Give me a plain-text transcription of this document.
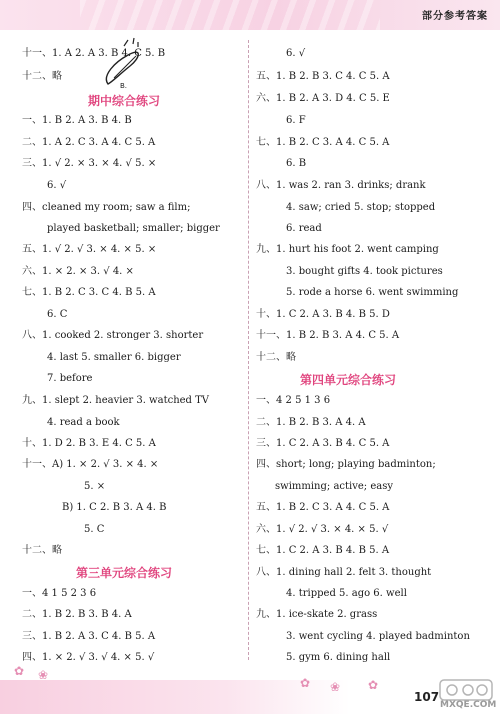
部分参考答案
B.
十一、1. A 2. A 3. B 4. C 5. B
十二、略
期中综合练习
一、1. B 2. A 3. B 4. B
二、1. A 2. C 3. A 4. C 5. A
三、1. √ 2. × 3. × 4. √ 5. ×
6. √
四、cleaned my room; saw a film;
played basketball; smaller; bigger
五、1. √ 2. √ 3. × 4. × 5. ×
六、1. × 2. × 3. √ 4. ×
七、1. B 2. C 3. C 4. B 5. A
6. C
八、1. cooked 2. stronger 3. shorter
4. last 5. smaller 6. bigger
7. before
九、1. slept 2. heavier 3. watched TV
4. read a book
十、1. D 2. B 3. E 4. C 5. A
十一、A) 1. × 2. √ 3. × 4. ×
5. ×
B) 1. C 2. B 3. A 4. B
5. C
十二、略
第三单元综合练习
一、4 1 5 2 3 6
二、1. B 2. B 3. B 4. A
三、1. B 2. A 3. C 4. B 5. A
四、1. × 2. √ 3. √ 4. × 5. √
6. √
五、1. B 2. B 3. C 4. C 5. A
六、1. B 2. A 3. D 4. C 5. E
6. F
七、1. B 2. C 3. A 4. C 5. A
6. B
八、1. was 2. ran 3. drinks; drank
4. saw; cried 5. stop; stopped
6. read
九、1. hurt his foot 2. went camping
3. bought gifts 4. took pictures
5. rode a horse 6. went swimming
十、1. C 2. A 3. B 4. B 5. D
十一、1. B 2. B 3. A 4. C 5. A
十二、略
第四单元综合练习
一、4 2 5 1 3 6
二、1. B 2. B 3. A 4. A
三、1. C 2. A 3. B 4. C 5. A
四、short; long; playing badminton;
swimming; active; easy
五、1. B 2. C 3. A 4. C 5. A
六、1. √ 2. √ 3. × 4. × 5. √
七、1. C 2. A 3. B 4. B 5. A
八、1. dining hall 2. felt 3. thought
4. tripped 5. ago 6. well
九、1. ice-skate 2. grass
3. went cycling 4. played badminton
5. gym 6. dining hall
✿ ❀
✿ ❀ ✿
107
MXQE.COM
